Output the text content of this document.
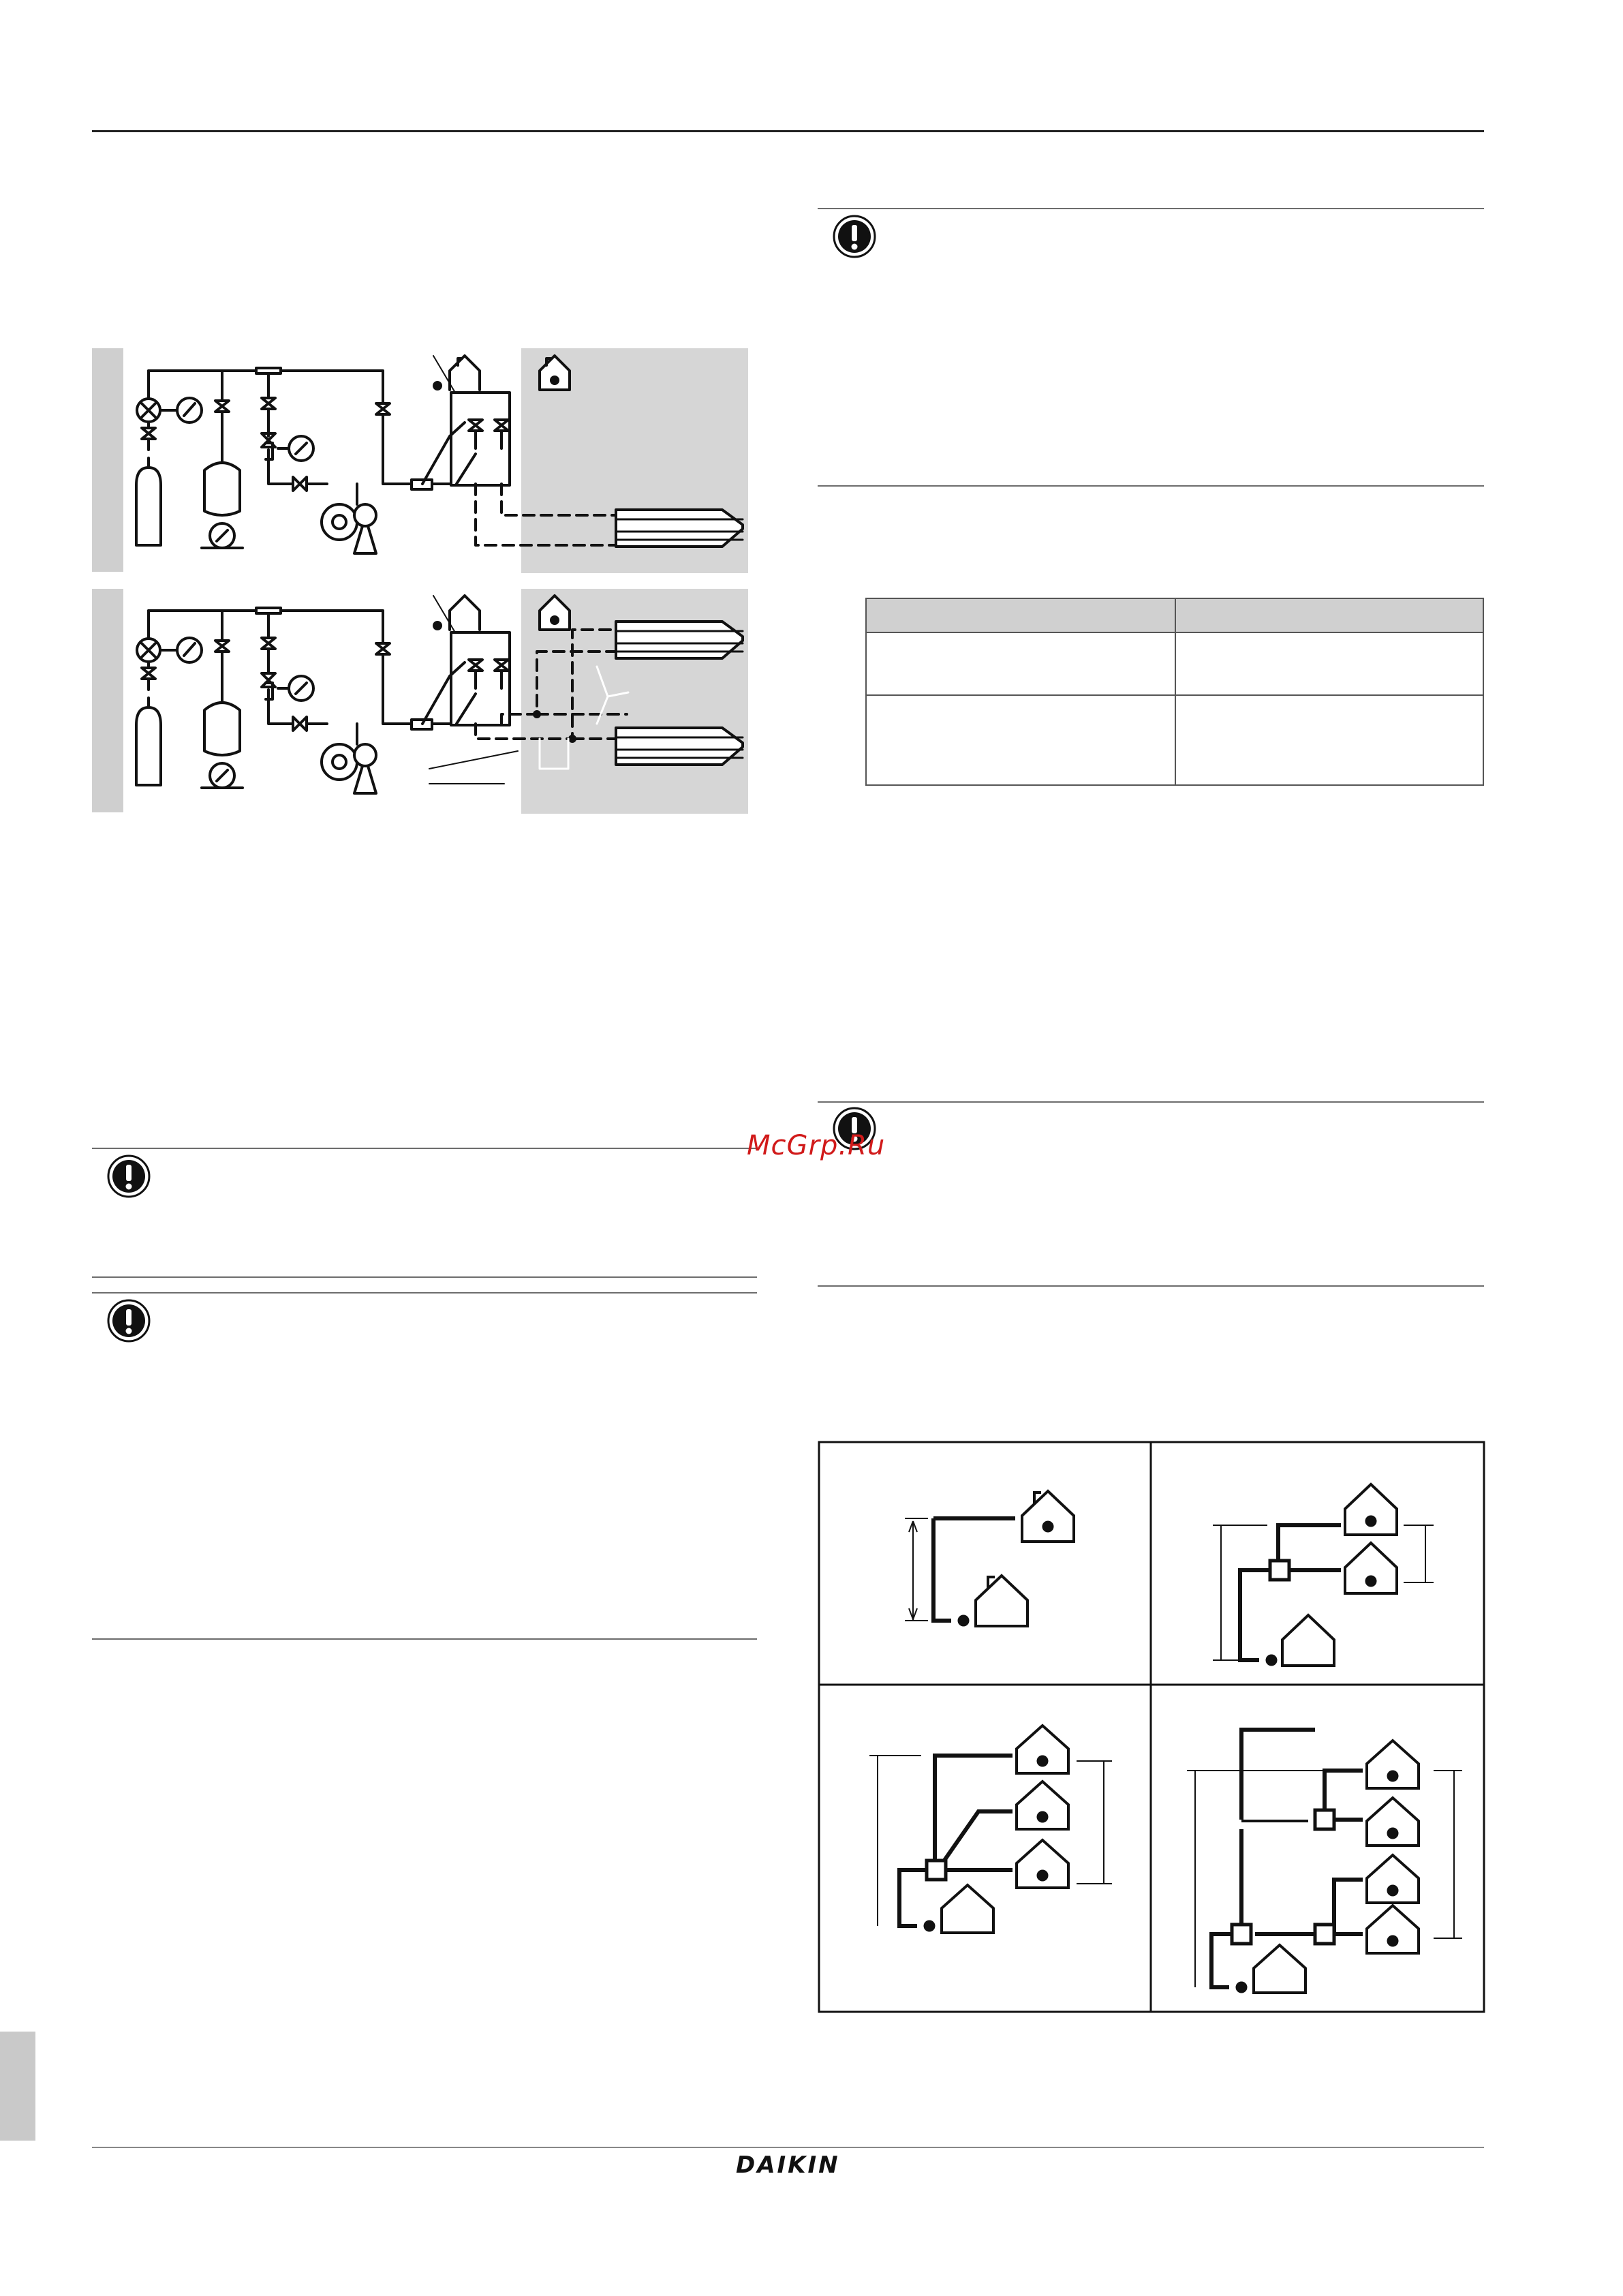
McGrp.Ru
DAIKIN
